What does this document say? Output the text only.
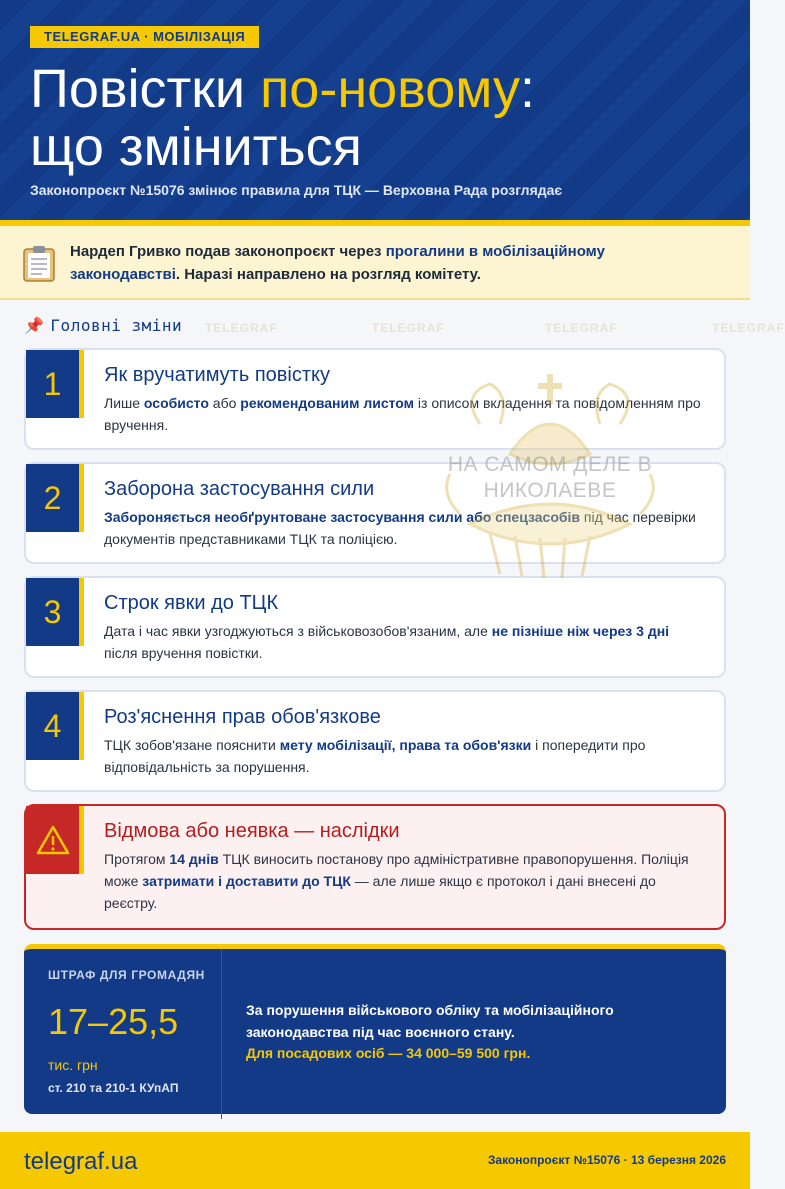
TELEGRAF.UA · МОБІЛІЗАЦІЯ
Повістки по-новому:
що зміниться
Законопроєкт №15076 змінює правила для ТЦК — Верховна Рада розглядає
Нардеп Гривко подав законопроєкт через прогалини в мобілізаційному законодавстві. Наразі направлено на розгляд комітету.
TELEGRAF	TELEGRAF	TELEGRAF	TELEGRAF
📌 Головні зміни
1	Як вручатимуть повістку
Лише особисто або рекомендованим листом із описом вкладення та повідомленням про вручення.
2	Заборона застосування сили
Забороняється необґрунтоване застосування сили або спецзасобів під час перевірки документів представниками ТЦК та поліцією.
3	Строк явки до ТЦК
Дата і час явки узгоджуються з військовозобов'язаним, але не пізніше ніж через 3 дні після вручення повістки.
4	Роз'яснення прав обов'язкове
ТЦК зобов'язане пояснити мету мобілізації, права та обов'язки і попередити про відповідальність за порушення.
Відмова або неявка — наслідки
Протягом 14 днів ТЦК виносить постанову про адміністративне правопорушення. Поліція може затримати і доставити до ТЦК — але лише якщо є протокол і дані внесені до реєстру.
НА САМОМ ДЕЛЕ В НИКОЛАЕВЕ
ШТРАФ ДЛЯ ГРОМАДЯН
17–25,5
тис. грн
ст. 210 та 210-1 КУпАП
За порушення військового обліку та мобілізаційного законодавства під час воєнного стану.
Для посадових осіб — 34 000–59 500 грн.
telegraf.ua	Законопроєкт №15076 · 13 березня 2026
